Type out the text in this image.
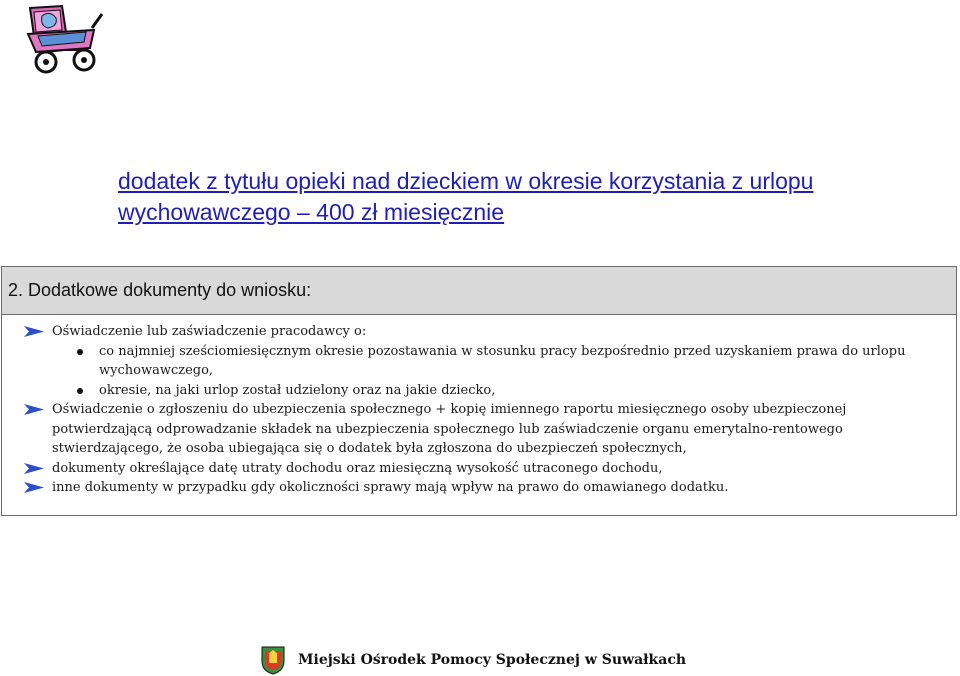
dodatek z tytułu opieki nad dzieckiem w okresie korzystania z urlopu
wychowawczego – 400 zł miesięcznie
2. Dodatkowe dokumenty do wniosku:
Oświadczenie lub zaświadczenie pracodawcy o:
co najmniej sześciomiesięcznym okresie pozostawania w stosunku pracy bezpośrednio przed uzyskaniem prawa do urlopu wychowawczego,
okresie, na jaki urlop został udzielony oraz na jakie dziecko,
Oświadczenie o zgłoszeniu do ubezpieczenia społecznego + kopię imiennego raportu miesięcznego osoby ubezpieczonej potwierdzającą odprowadzanie składek na ubezpieczenia społecznego lub zaświadczenie organu emerytalno-rentowego stwierdzającego, że osoba ubiegająca się o dodatek była zgłoszona do ubezpieczeń społecznych,
dokumenty określające datę utraty dochodu oraz miesięczną wysokość utraconego dochodu,
inne dokumenty w przypadku gdy okoliczności sprawy mają wpływ na prawo do omawianego dodatku.
Miejski Ośrodek Pomocy Społecznej w Suwałkach
